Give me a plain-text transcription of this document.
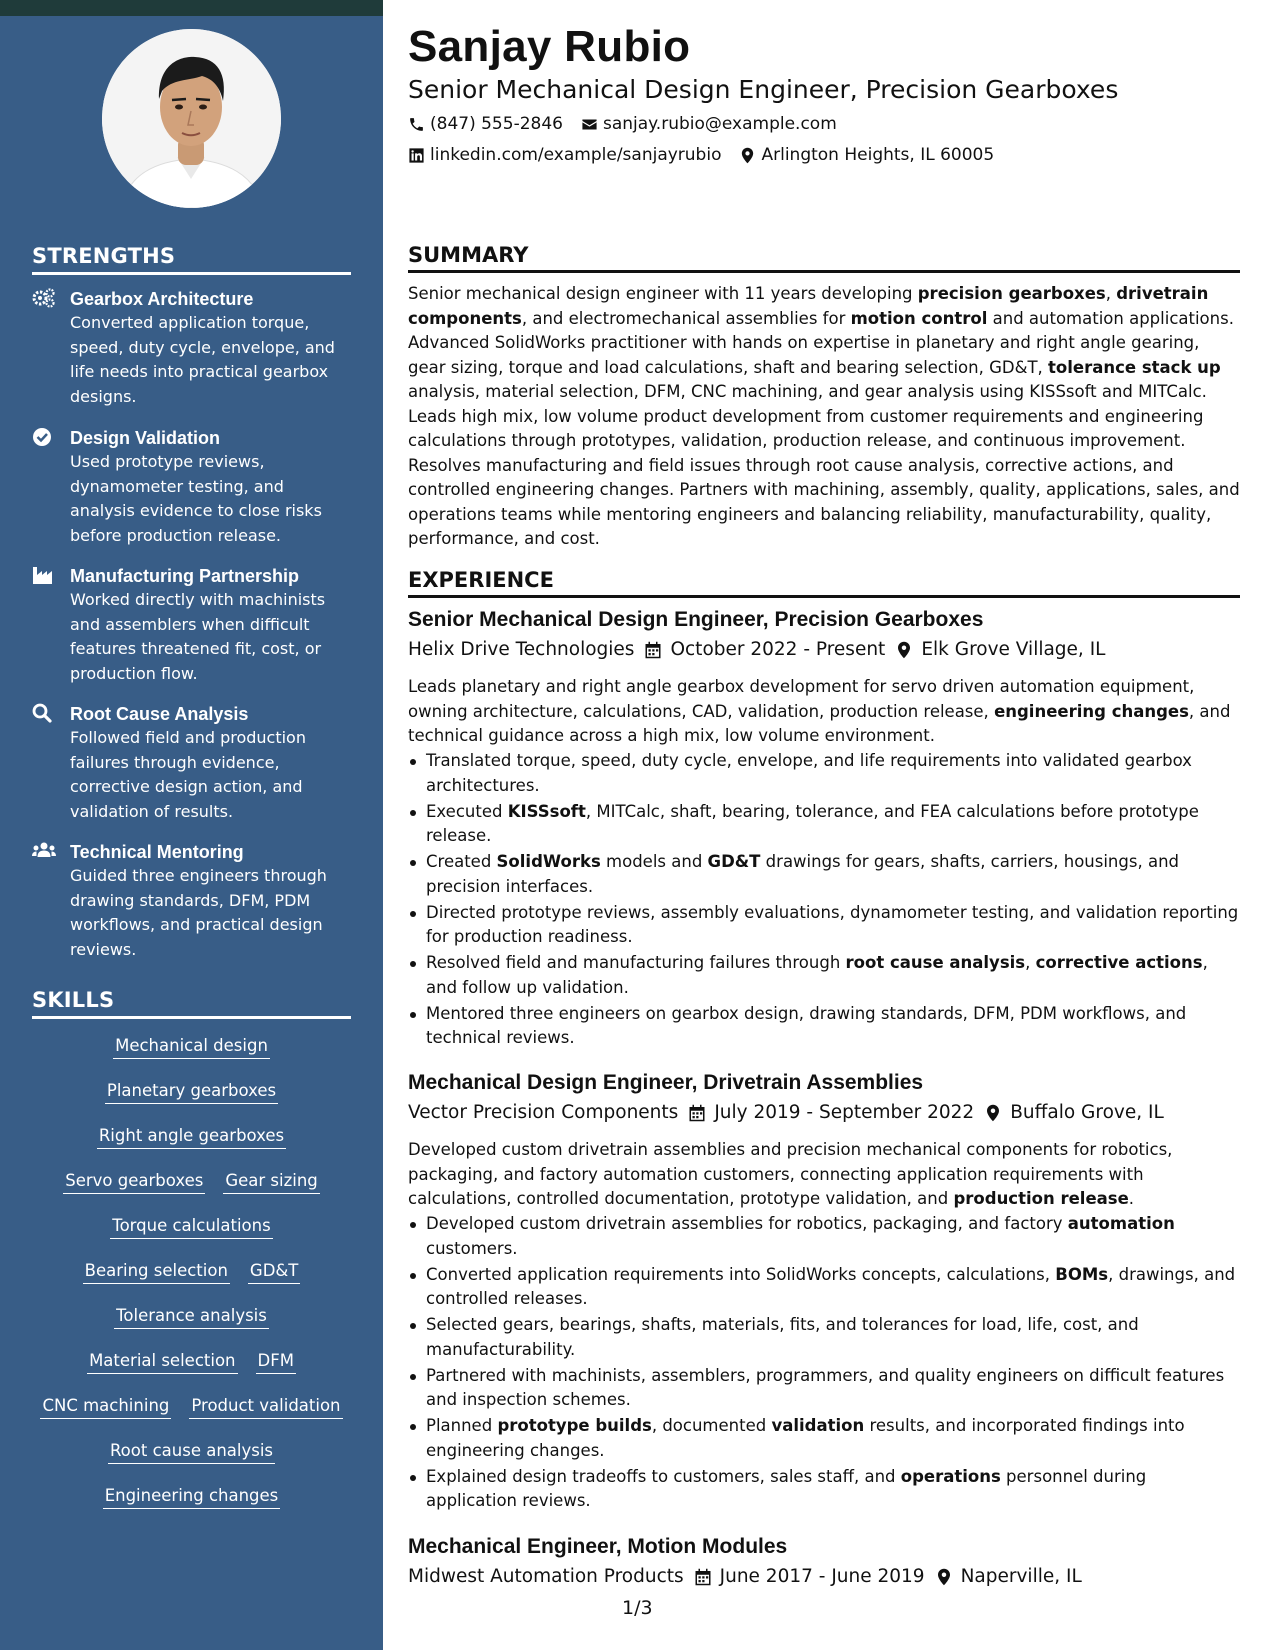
STRENGTHS
Gearbox Architecture
Converted application torque, speed, duty cycle, envelope, and life needs into practical gearbox designs.
Design Validation
Used prototype reviews, dynamometer testing, and analysis evidence to close risks before production release.
Manufacturing Partnership
Worked directly with machinists and assemblers when difficult features threatened fit, cost, or production flow.
Root Cause Analysis
Followed field and production failures through evidence, corrective design action, and validation of results.
Technical Mentoring
Guided three engineers through drawing standards, DFM, PDM workflows, and practical design reviews.
SKILLS
Mechanical design
Planetary gearboxes
Right angle gearboxes
Servo gearboxes Gear sizing
Torque calculations
Bearing selection GD&T
Tolerance analysis
Material selection DFM
CNC machining Product validation
Root cause analysis
Engineering changes
Sanjay Rubio
Senior Mechanical Design Engineer, Precision Gearboxes
(847) 555-2846 sanjay.rubio@example.com
linkedin.com/example/sanjayrubio Arlington Heights, IL 60005
SUMMARY
Senior mechanical design engineer with 11 years developing precision gearboxes, drivetrain components, and electromechanical assemblies for motion control and automation applications. Advanced SolidWorks practitioner with hands on expertise in planetary and right angle gearing, gear sizing, torque and load calculations, shaft and bearing selection, GD&T, tolerance stack up analysis, material selection, DFM, CNC machining, and gear analysis using KISSsoft and MITCalc. Leads high mix, low volume product development from customer requirements and engineering calculations through prototypes, validation, production release, and continuous improvement. Resolves manufacturing and field issues through root cause analysis, corrective actions, and controlled engineering changes. Partners with machining, assembly, quality, applications, sales, and operations teams while mentoring engineers and balancing reliability, manufacturability, quality, performance, and cost.
EXPERIENCE
Senior Mechanical Design Engineer, Precision Gearboxes
Helix Drive Technologies October 2022 - Present Elk Grove Village, IL
Leads planetary and right angle gearbox development for servo driven automation equipment, owning architecture, calculations, CAD, validation, production release, engineering changes, and technical guidance across a high mix, low volume environment.
Translated torque, speed, duty cycle, envelope, and life requirements into validated gearbox architectures.
Executed KISSsoft, MITCalc, shaft, bearing, tolerance, and FEA calculations before prototype release.
Created SolidWorks models and GD&T drawings for gears, shafts, carriers, housings, and precision interfaces.
Directed prototype reviews, assembly evaluations, dynamometer testing, and validation reporting for production readiness.
Resolved field and manufacturing failures through root cause analysis, corrective actions, and follow up validation.
Mentored three engineers on gearbox design, drawing standards, DFM, PDM workflows, and technical reviews.
Mechanical Design Engineer, Drivetrain Assemblies
Vector Precision Components July 2019 - September 2022 Buffalo Grove, IL
Developed custom drivetrain assemblies and precision mechanical components for robotics, packaging, and factory automation customers, connecting application requirements with calculations, controlled documentation, prototype validation, and production release.
Developed custom drivetrain assemblies for robotics, packaging, and factory automation customers.
Converted application requirements into SolidWorks concepts, calculations, BOMs, drawings, and controlled releases.
Selected gears, bearings, shafts, materials, fits, and tolerances for load, life, cost, and manufacturability.
Partnered with machinists, assemblers, programmers, and quality engineers on difficult features and inspection schemes.
Planned prototype builds, documented validation results, and incorporated findings into engineering changes.
Explained design tradeoffs to customers, sales staff, and operations personnel during application reviews.
Mechanical Engineer, Motion Modules
Midwest Automation Products June 2017 - June 2019 Naperville, IL
1/3
